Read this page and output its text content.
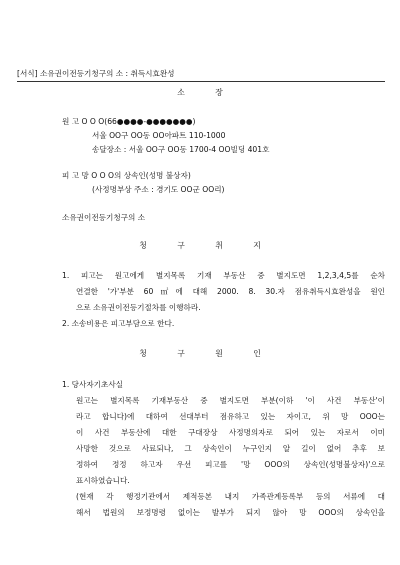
[서식] 소유권이전등기청구의 소 : 취득시효완성
소 장
원 고 O O O(66●●●●-●●●●●●●)
서울 OO구 OO동 OO아파트 110-1000
송달장소 : 서울 OO구 OO동 1700-4 OO빌딩 401호
피 고 망 O O O의 상속인(성명 불상자)
(사정명부상 주소 : 경기도 OO군 OO리)
소유권이전등기청구의 소
청 구 취 지
1. 피고는 원고에게 별지목록 기재 부동산 중 별지도면 1,2,3,4,5를 순차
연결한 '가'부분 60㎡에 대해 2000. 8. 30.자 점유취득시효완성을 원인
으로 소유권이전등기절차를 이행하라.
2. 소송비용은 피고부담으로 한다.
청 구 원 인
1. 당사자기초사실
원고는 별지목록 기재부동산 중 별지도면 부분(이하 '이 사건 부동산'이
라고 합니다)에 대하여 선대부터 점유하고 있는 자이고, 위 망 OOO는
이 사건 부동산에 대한 구대장상 사정명의자로 되어 있는 자로서 이미
사망한 것으로 사료되나, 그 상속인이 누구인지 알 길이 없어 추후 보
정하여 정정 하고자 우선 피고를 '망 OOO의 상속인(성명불상자)'으로
표시하였습니다.
(현재 각 행정기관에서 제적등본 내지 가족관계등록부 등의 서류에 대
해서 법원의 보정명령 없이는 발부가 되지 않아 망 OOO의 상속인을
